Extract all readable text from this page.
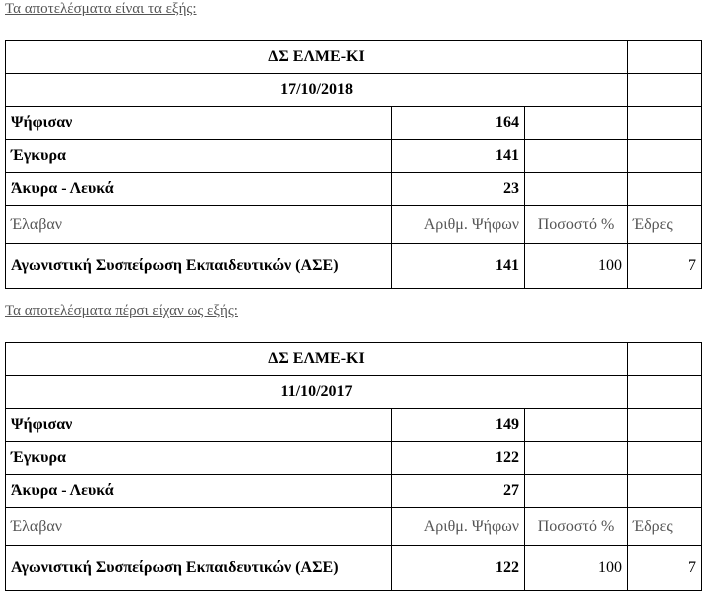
Τα αποτελέσματα είναι τα εξής:
ΔΣ ΕΛΜΕ-ΚΙ			
17/10/2018			
Ψήφισαν	164		
Έγκυρα	141		
Άκυρα - Λευκά	23		
Έλαβαν	Αριθμ. Ψήφων	Ποσοστό %	Έδρες
Αγωνιστική Συσπείρωση Εκπαιδευτικών (ΑΣΕ)	141	100	7
Τα αποτελέσματα πέρσι είχαν ως εξής:
ΔΣ ΕΛΜΕ-ΚΙ			
11/10/2017			
Ψήφισαν	149		
Έγκυρα	122		
Άκυρα - Λευκά	27		
Έλαβαν	Αριθμ. Ψήφων	Ποσοστό %	Έδρες
Αγωνιστική Συσπείρωση Εκπαιδευτικών (ΑΣΕ)	122	100	7
